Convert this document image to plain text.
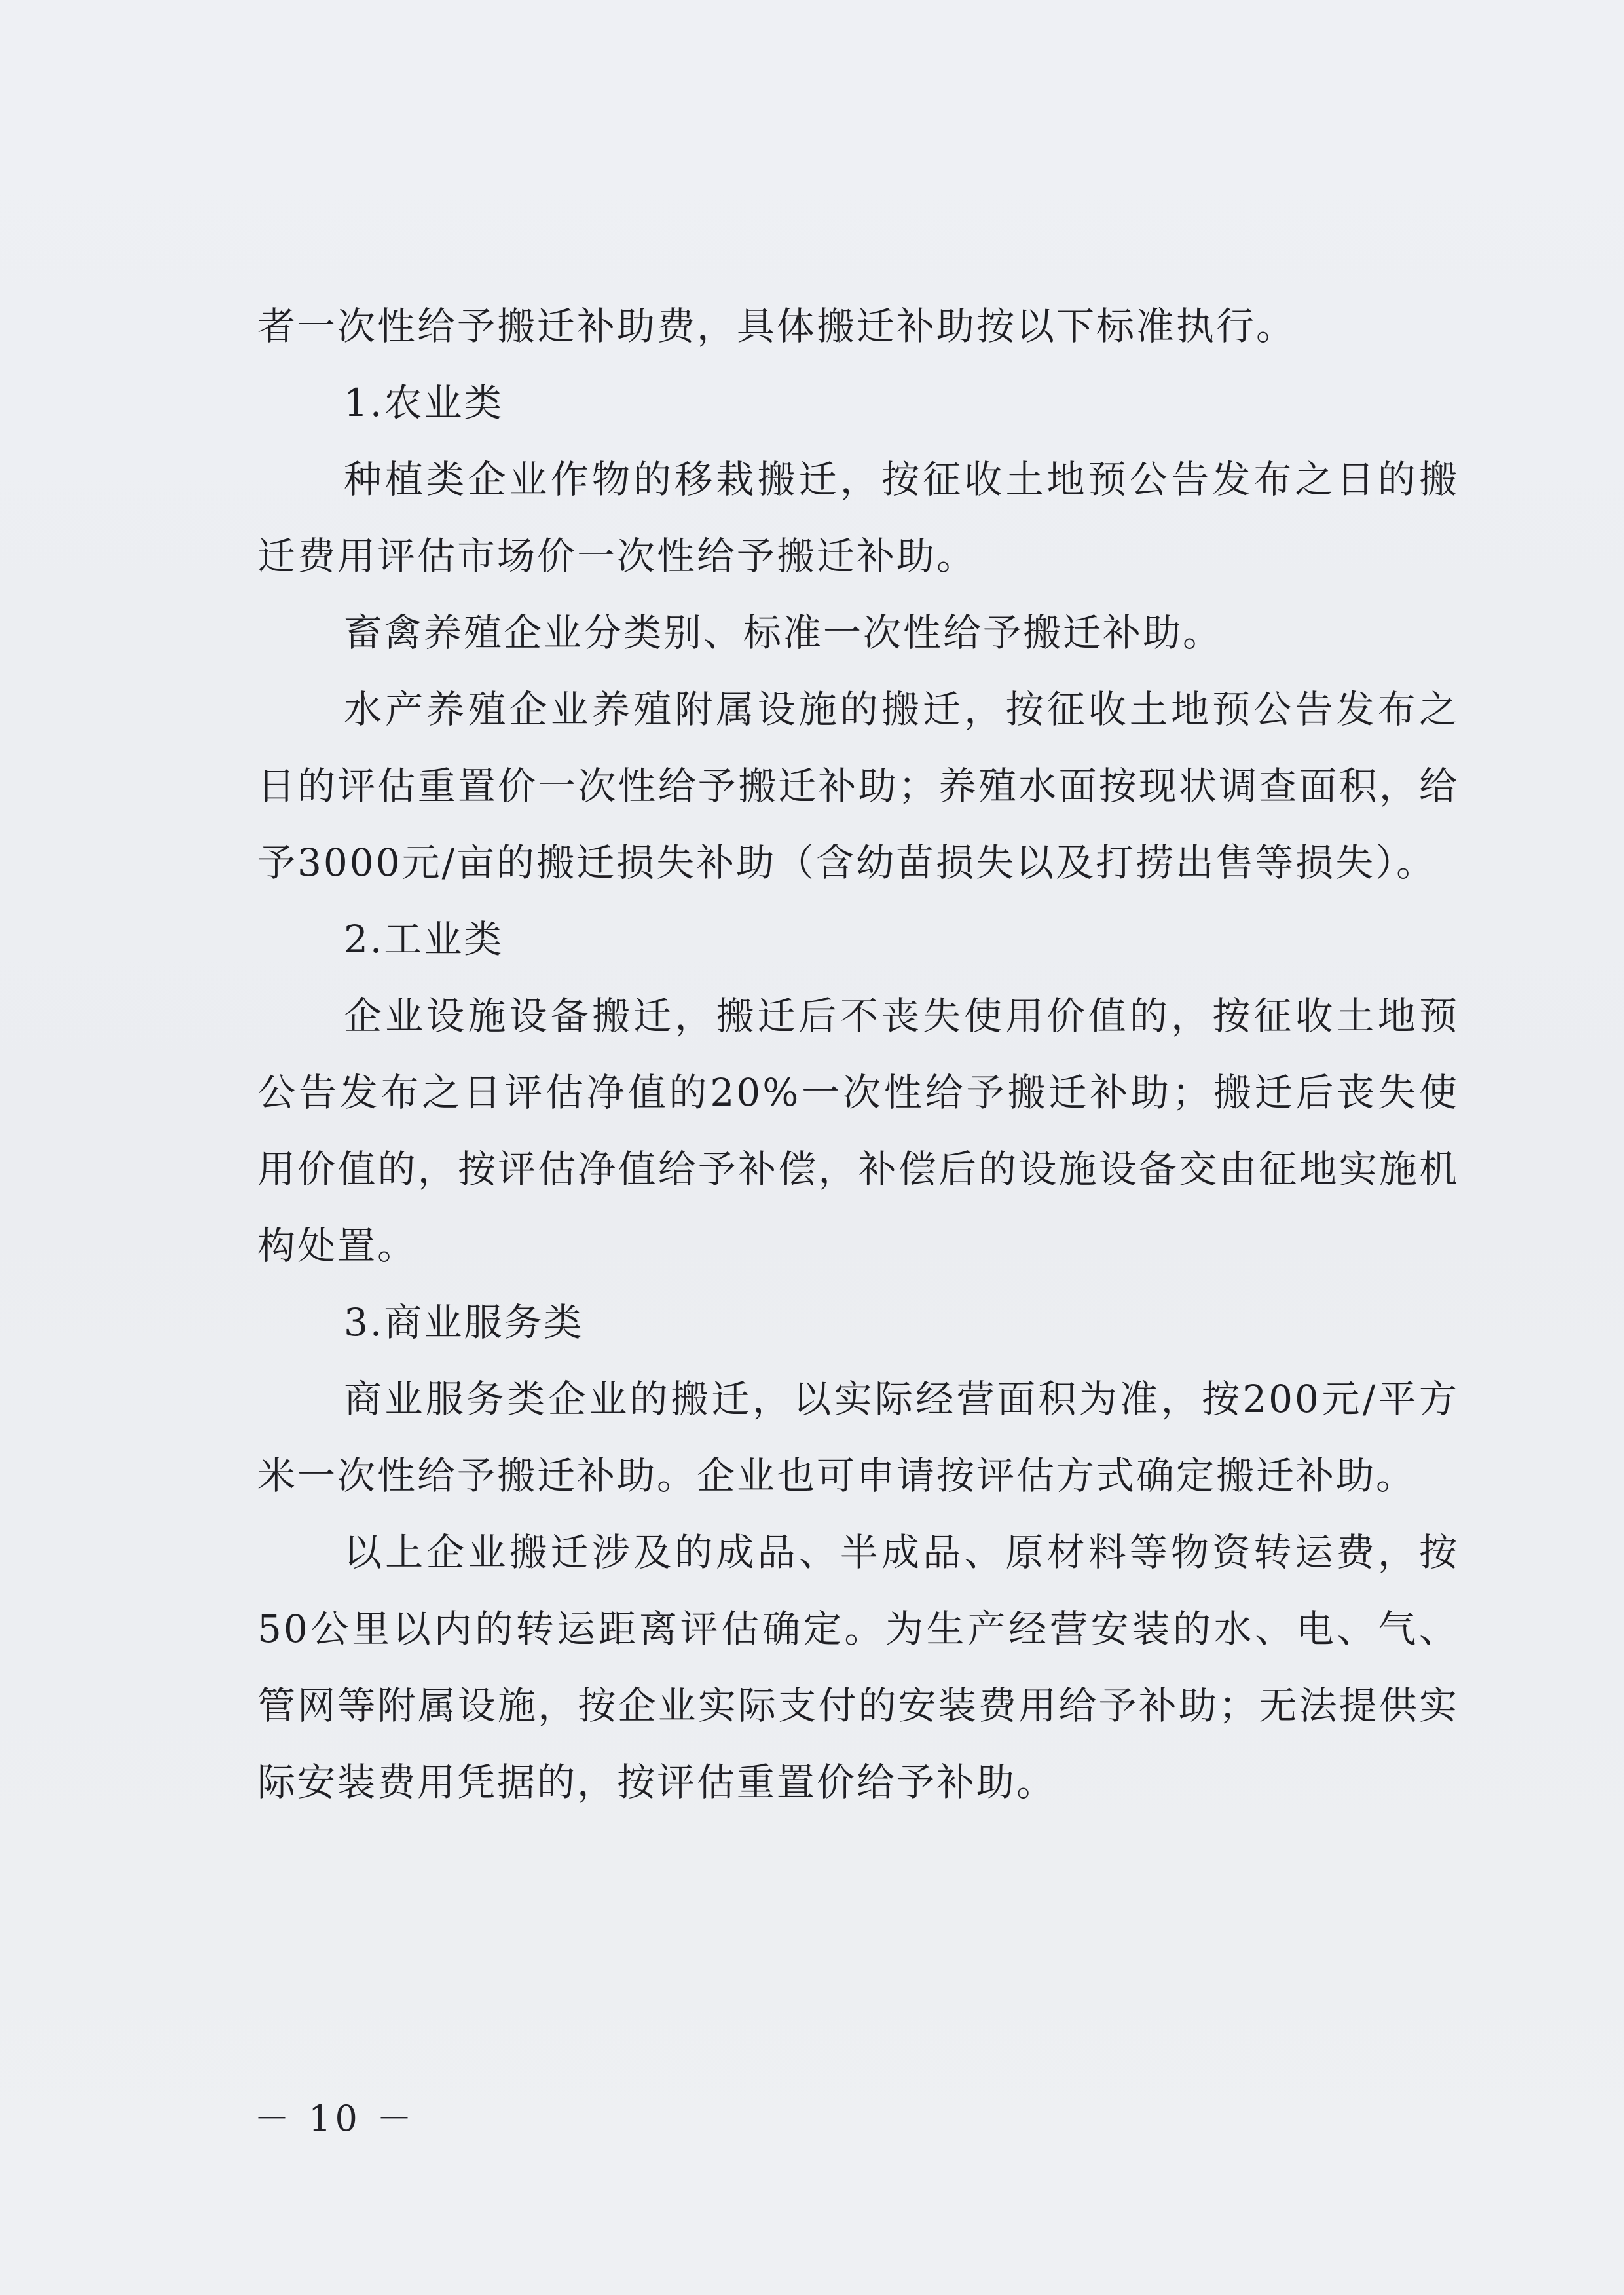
者一次性给予搬迁补助费，具体搬迁补助按以下标准执行。

1.农业类

种植类企业作物的移栽搬迁，按征收土地预公告发布之日的搬迁费用评估市场价一次性给予搬迁补助。

畜禽养殖企业分类别、标准一次性给予搬迁补助。

水产养殖企业养殖附属设施的搬迁，按征收土地预公告发布之日的评估重置价一次性给予搬迁补助；养殖水面按现状调查面积，给予3000元/亩的搬迁损失补助（含幼苗损失以及打捞出售等损失）。

2.工业类

企业设施设备搬迁，搬迁后不丧失使用价值的，按征收土地预公告发布之日评估净值的20%一次性给予搬迁补助；搬迁后丧失使用价值的，按评估净值给予补偿，补偿后的设施设备交由征地实施机构处置。

3.商业服务类

商业服务类企业的搬迁，以实际经营面积为准，按200元/平方米一次性给予搬迁补助。企业也可申请按评估方式确定搬迁补助。

以上企业搬迁涉及的成品、半成品、原材料等物资转运费，按50公里以内的转运距离评估确定。为生产经营安装的水、电、气、管网等附属设施，按企业实际支付的安装费用给予补助；无法提供实际安装费用凭据的，按评估重置价给予补助。

－ 10 －
